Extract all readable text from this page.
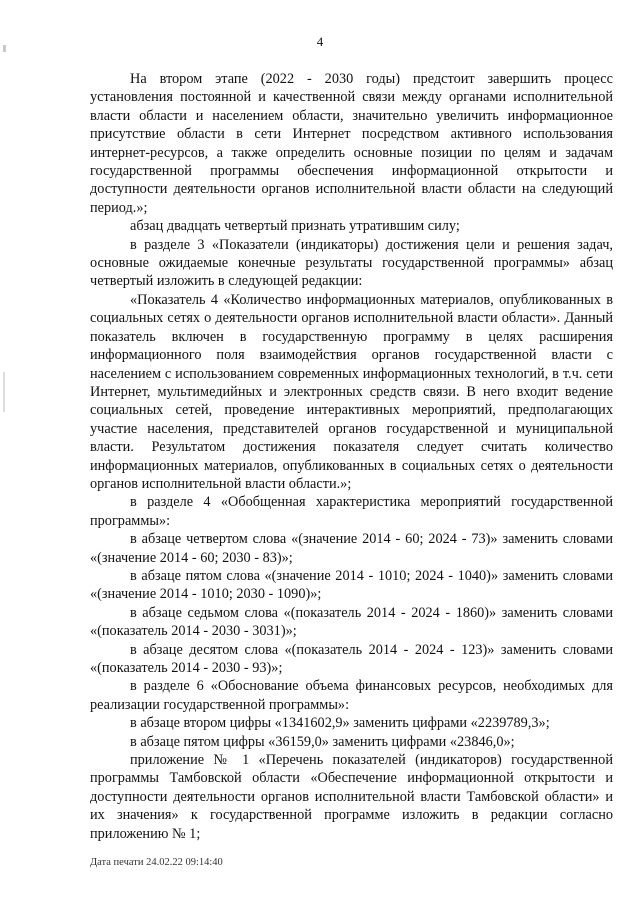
4

На втором этапе (2022 - 2030 годы) предстоит завершить процесс установления постоянной и качественной связи между органами исполнительной власти области и населением области, значительно увеличить информационное присутствие области в сети Интернет посредством активного использования интернет-ресурсов, а также определить основные позиции по целям и задачам государственной программы обеспечения информационной открытости и доступности деятельности органов исполнительной власти области на следующий период.»;

абзац двадцать четвертый признать утратившим силу;

в разделе 3 «Показатели (индикаторы) достижения цели и решения задач, основные ожидаемые конечные результаты государственной программы» абзац четвертый изложить в следующей редакции:

«Показатель 4 «Количество информационных материалов, опубликованных в социальных сетях о деятельности органов исполнительной власти области». Данный показатель включен в государственную программу в целях расширения информационного поля взаимодействия органов государственной власти с населением с использованием современных информационных технологий, в т.ч. сети Интернет, мультимедийных и электронных средств связи. В него входит ведение социальных сетей, проведение интерактивных мероприятий, предполагающих участие населения, представителей органов государственной и муниципальной власти. Результатом достижения показателя следует считать количество информационных материалов, опубликованных в социальных сетях о деятельности органов исполнительной власти области.»;

в разделе 4 «Обобщенная характеристика мероприятий государственной программы»:

в абзаце четвертом слова «(значение 2014 - 60; 2024 - 73)» заменить словами «(значение 2014 - 60; 2030 - 83)»;

в абзаце пятом слова «(значение 2014 - 1010; 2024 - 1040)» заменить словами «(значение 2014 - 1010; 2030 - 1090)»;

в абзаце седьмом слова «(показатель 2014 - 2024 - 1860)» заменить словами «(показатель 2014 - 2030 - 3031)»;

в абзаце десятом слова «(показатель 2014 - 2024 - 123)» заменить словами «(показатель 2014 - 2030 - 93)»;

в разделе 6 «Обоснование объема финансовых ресурсов, необходимых для реализации государственной программы»:

в абзаце втором цифры «1341602,9» заменить цифрами «2239789,3»;

в абзаце пятом цифры «36159,0» заменить цифрами «23846,0»;

приложение № 1 «Перечень показателей (индикаторов) государственной программы Тамбовской области «Обеспечение информационной открытости и доступности деятельности органов исполнительной власти Тамбовской области» и их значения» к государственной программе изложить в редакции согласно приложению № 1;

Дата печати 24.02.22 09:14:40
